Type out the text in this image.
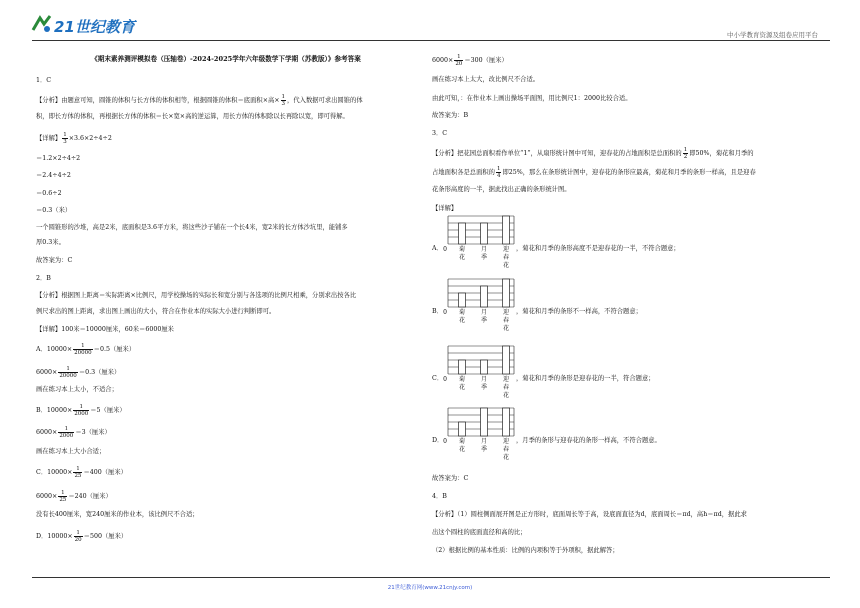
21世纪教育	中小学教育资源及组卷应用平台
《期末素养测评模拟卷（压轴卷）-2024-2025学年六年级数学下学期（苏教版）》参考答案
1．C
【分析】由题意可知，圆锥的体积与长方体的体积相等，根据圆锥的体积＝底面积×高× $\frac{1}{3}$ ，代入数据可求出圆锥的体
积，即长方体的体积，再根据长方体的体积＝长×宽×高的逆运算，用长方体的体积除以长再除以宽，即可得解。
【详解】 $\frac{1}{3} \times 3.6\times 2\div 4\div 2$
＝1.2×2÷4÷2
＝2.4÷4÷2
＝0.6÷2
＝0.3（米）
一个圆锥形的沙堆，高是2米，底面积是3.6平方米，将这些沙子铺在一个长4米，宽2米的长方体沙坑里，能铺多
厚0.3米。
故答案为：C
2．B
【分析】根据图上距离＝实际距离×比例尺，用学校操场的实际长和宽分别与各选项的比例尺相乘，分别求出按各比
例尺求出的图上距离，求出图上画出的大小，符合在作业本的实际大小进行判断即可。
【详解】100米＝10000厘米，60米＝6000厘米
A．$10000\times \frac{1}{20000} =0.5$（厘米）
$6000\times \frac{1}{20000} =0.3$（厘米）
画在练习本上太小，不适合；
B．$10000\times \frac{1}{2000} =5$（厘米）
$6000\times \frac{1}{2000} =3$（厘米）
画在练习本上大小合适；
C．$10000\times \frac{1}{25} =400$（厘米）
$6000\times \frac{1}{25} =240$（厘米）
没有长400厘米，宽240厘米的作业本，该比例尺不合适；
D．$10000\times \frac{1}{20} =500$（厘米）
$6000\times \frac{1}{20} =300$（厘米）
画在练习本上太大，改比例尺不合适。
由此可知，：在作业本上画出操场平面图，用比例尺1：2000比较合适。
故答案为：B
3．C
【分析】把花园总面积看作单位“1”，从扇形统计图中可知，迎春花的占地面积是总面积的 $\frac{1}{2}$ 即50%，菊花和月季的
占地面积各是总面积的 $\frac{1}{4}$ 即25%，那么在条形统计图中，迎春花的条形应最高，菊花和月季的条形一样高，且是迎春
花条形高度的一半，据此找出正确的条形统计图。
【详解】
A．	菊花
月季
迎春花
0	，菊花和月季的条形高度不是迎春花的一半，不符合题意；
B．	菊花
月季
迎春花
0	，菊花和月季的条形不一样高，不符合题意；
C．	菊花
月季
迎春花
0	，菊花和月季的条形是迎春花的一半，符合题意；
D．	菊花
月季
迎春花
0	，月季的条形与迎春花的条形一样高，不符合题意。
故答案为：C
4．B
【分析】（1）圆柱侧面展开图是正方形时，底面周长等于高，设底面直径为d，底面周长＝πd，高h＝πd，据此求
出这个圆柱的底面直径和高的比；
（2）根据比例的基本性质：比例的内项积等于外项积，据此解答；
21世纪教育网(www.21cnjy.com)
